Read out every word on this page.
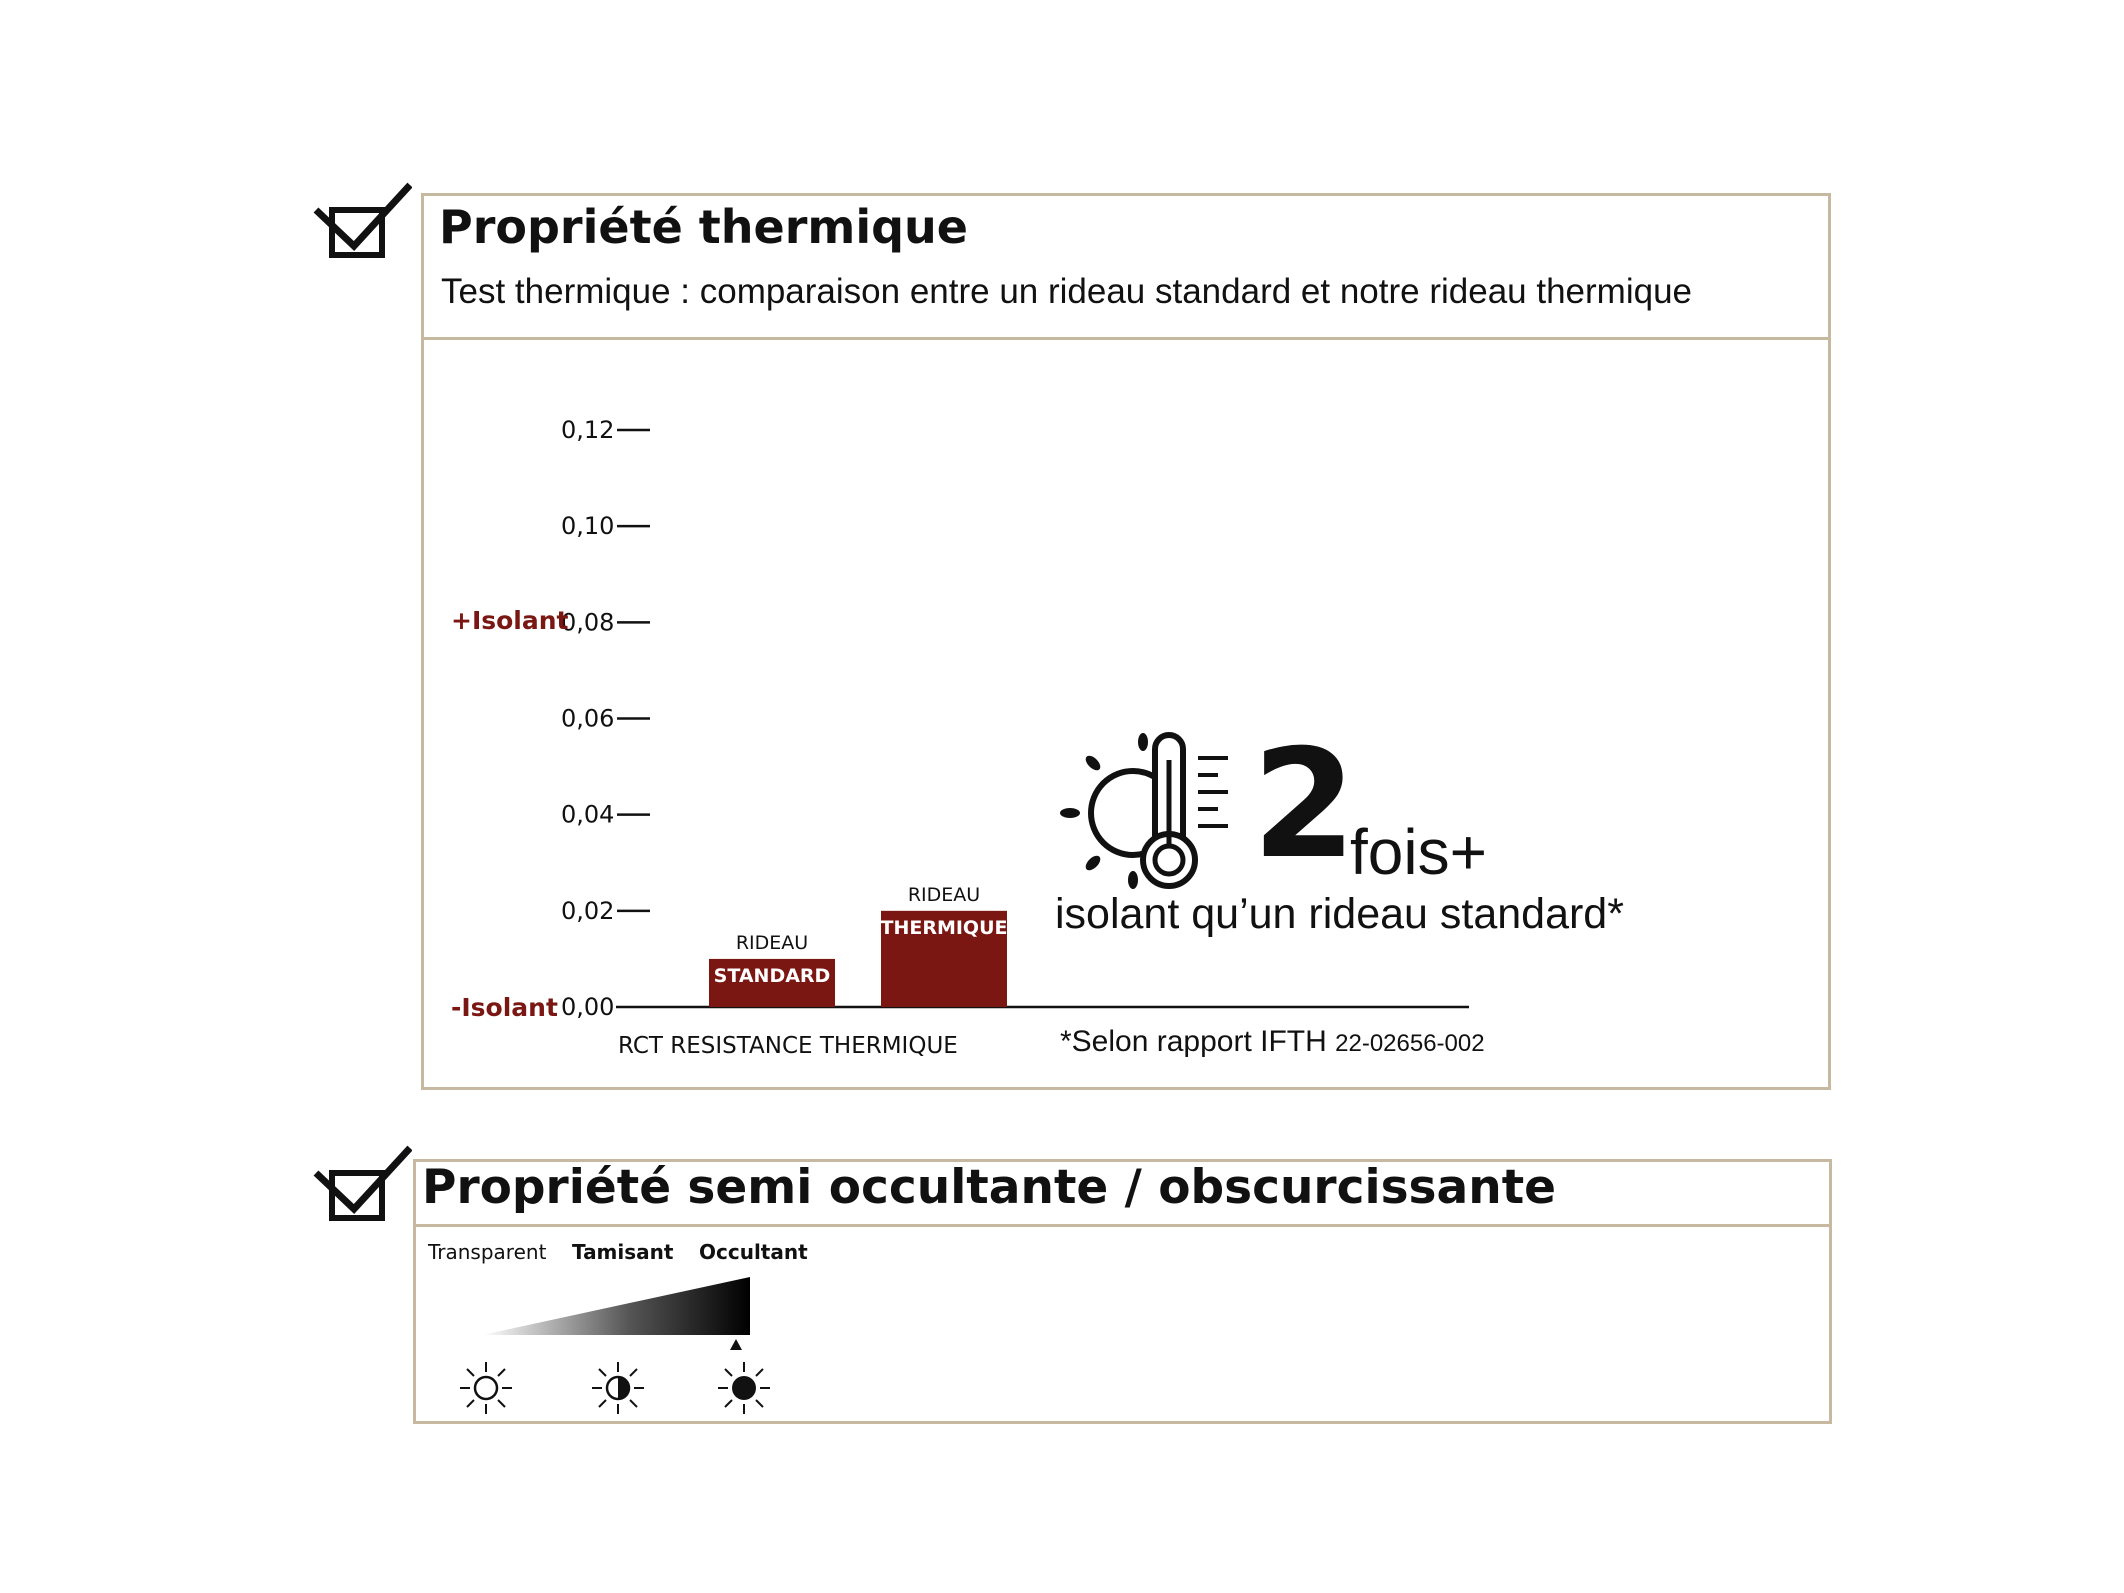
Propriété thermique
Test thermique : comparaison entre un rideau standard et notre rideau thermique
0,00
0,02
0,04
0,06
0,08
0,10
0,12
RIDEAU
STANDARD
RIDEAU
THERMIQUE
+Isolant
-Isolant
RCT RESISTANCE THERMIQUE
2
fois+
isolant qu’un rideau standard*
*Selon rapport IFTH 22-02656-002
Propriété semi occultante / obscurcissante
Transparent Tamisant Occultant
